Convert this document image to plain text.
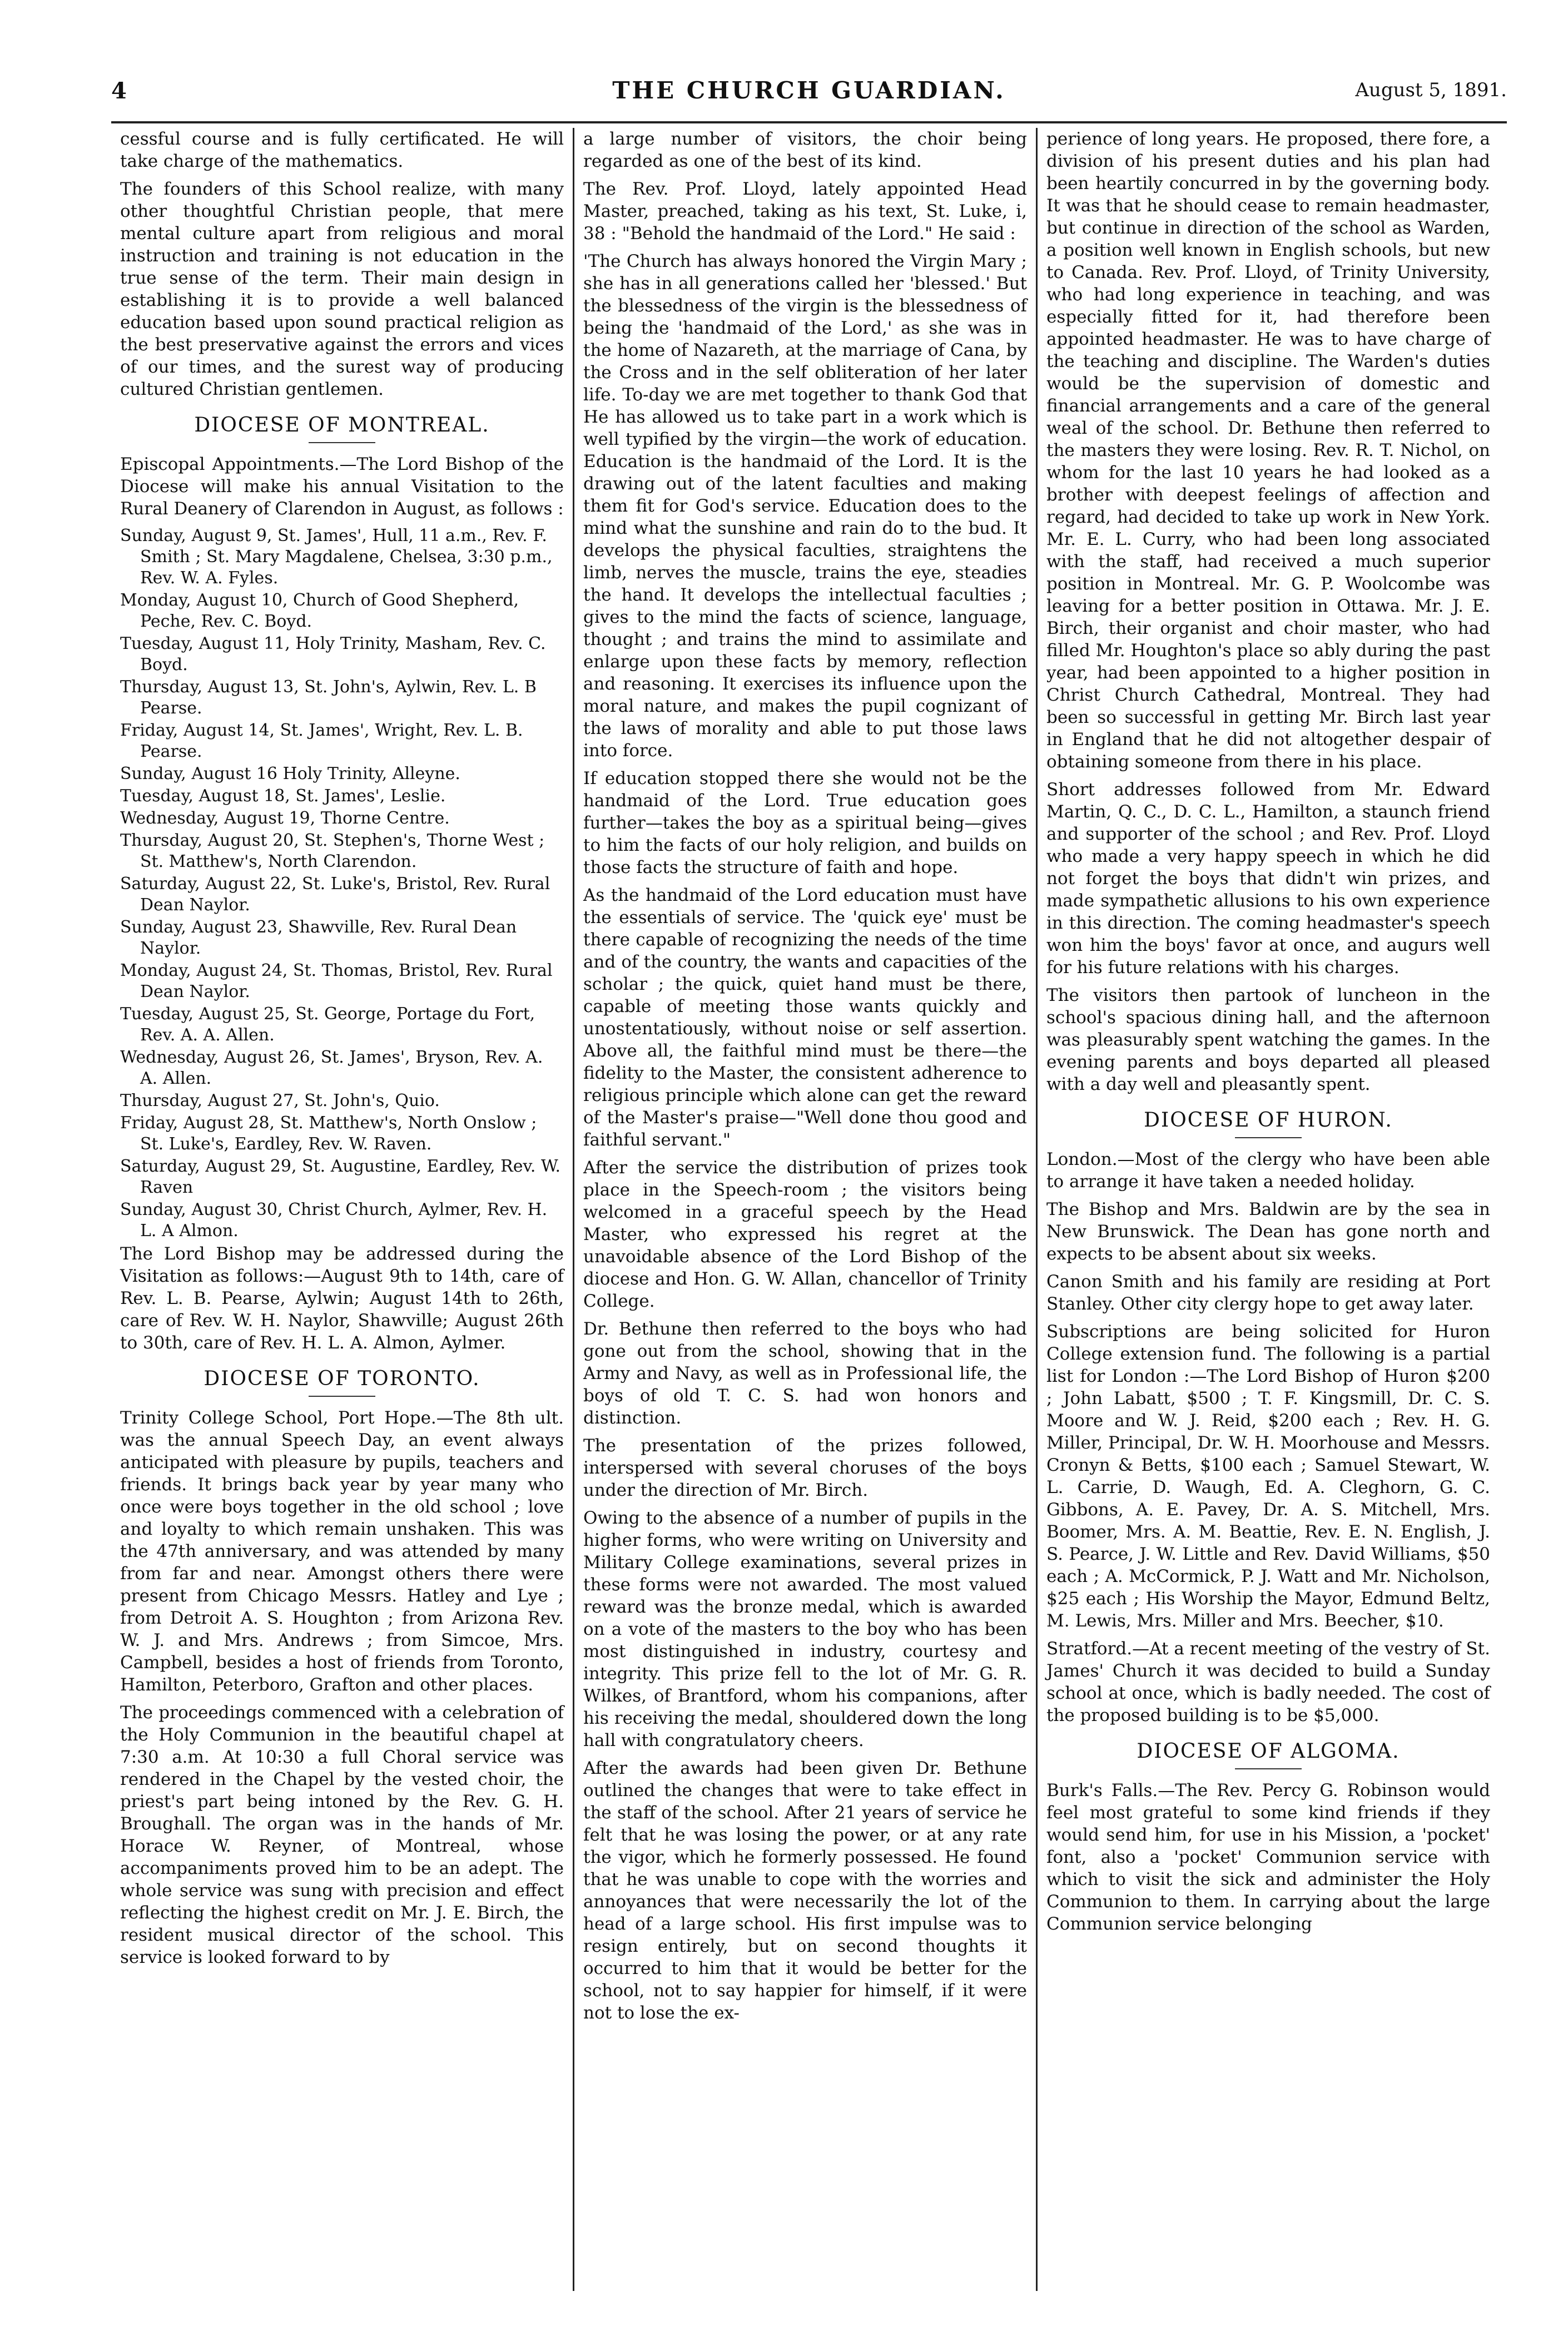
4	THE CHURCH GUARDIAN.	August 5, 1891.

cessful course and is fully certificated. He will take charge of the mathematics.

The founders of this School realize, with many other thoughtful Christian people, that mere mental culture apart from religious and moral instruction and training is not education in the true sense of the term. Their main design in establishing it is to provide a well balanced education based upon sound practical religion as the best preservative against the errors and vices of our times, and the surest way of producing cultured Christian gentlemen.

DIOCESE OF MONTREAL.

Episcopal Appointments.—The Lord Bishop of the Diocese will make his annual Visitation to the Rural Deanery of Clarendon in August, as follows :

Sunday, August 9, St. James', Hull, 11 a.m., Rev. F. Smith ; St. Mary Magdalene, Chelsea, 3:30 p.m., Rev. W. A. Fyles.
Monday, August 10, Church of Good Shepherd, Peche, Rev. C. Boyd.
Tuesday, August 11, Holy Trinity, Masham, Rev. C. Boyd.
Thursday, August 13, St. John's, Aylwin, Rev. L. B Pearse.
Friday, August 14, St. James', Wright, Rev. L. B. Pearse.
Sunday, August 16 Holy Trinity, Alleyne.
Tuesday, August 18, St. James', Leslie.
Wednesday, August 19, Thorne Centre.
Thursday, August 20, St. Stephen's, Thorne West ; St. Matthew's, North Clarendon.
Saturday, August 22, St. Luke's, Bristol, Rev. Rural Dean Naylor.
Sunday, August 23, Shawville, Rev. Rural Dean Naylor.
Monday, August 24, St. Thomas, Bristol, Rev. Rural Dean Naylor.
Tuesday, August 25, St. George, Portage du Fort, Rev. A. A. Allen.
Wednesday, August 26, St. James', Bryson, Rev. A. A. Allen.
Thursday, August 27, St. John's, Quio.
Friday, August 28, St. Matthew's, North Onslow ; St. Luke's, Eardley, Rev. W. Raven.
Saturday, August 29, St. Augustine, Eardley, Rev. W. Raven
Sunday, August 30, Christ Church, Aylmer, Rev. H. L. A Almon.

The Lord Bishop may be addressed during the Visitation as follows:—August 9th to 14th, care of Rev. L. B. Pearse, Aylwin; August 14th to 26th, care of Rev. W. H. Naylor, Shawville; August 26th to 30th, care of Rev. H. L. A. Almon, Aylmer.

DIOCESE OF TORONTO.

Trinity College School, Port Hope.—The 8th ult. was the annual Speech Day, an event always anticipated with pleasure by pupils, teachers and friends. It brings back year by year many who once were boys together in the old school ; love and loyalty to which remain unshaken. This was the 47th anniversary, and was attended by many from far and near. Amongst others there were present from Chicago Messrs. Hatley and Lye ; from Detroit A. S. Houghton ; from Arizona Rev. W. J. and Mrs. Andrews ; from Simcoe, Mrs. Campbell, besides a host of friends from Toronto, Hamilton, Peterboro, Grafton and other places.

The proceedings commenced with a celebration of the Holy Communion in the beautiful chapel at 7:30 a.m. At 10:30 a full Choral service was rendered in the Chapel by the vested choir, the priest's part being intoned by the Rev. G. H. Broughall. The organ was in the hands of Mr. Horace W. Reyner, of Montreal, whose accompaniments proved him to be an adept. The whole service was sung with precision and effect reflecting the highest credit on Mr. J. E. Birch, the resident musical director of the school. This service is looked forward to by

a large number of visitors, the choir being regarded as one of the best of its kind.

The Rev. Prof. Lloyd, lately appointed Head Master, preached, taking as his text, St. Luke, i, 38 : "Behold the handmaid of the Lord." He said :

'The Church has always honored the Virgin Mary ; she has in all generations called her 'blessed.' But the blessedness of the virgin is the blessedness of being the 'handmaid of the Lord,' as she was in the home of Nazareth, at the marriage of Cana, by the Cross and in the self obliteration of her later life. To-day we are met together to thank God that He has allowed us to take part in a work which is well typified by the virgin—the work of education. Education is the handmaid of the Lord. It is the drawing out of the latent faculties and making them fit for God's service. Education does to the mind what the sunshine and rain do to the bud. It develops the physical faculties, straightens the limb, nerves the muscle, trains the eye, steadies the hand. It develops the intellectual faculties ; gives to the mind the facts of science, language, thought ; and trains the mind to assimilate and enlarge upon these facts by memory, reflection and reasoning. It exercises its influence upon the moral nature, and makes the pupil cognizant of the laws of morality and able to put those laws into force.

If education stopped there she would not be the handmaid of the Lord. True education goes further—takes the boy as a spiritual being—gives to him the facts of our holy religion, and builds on those facts the structure of faith and hope.

As the handmaid of the Lord education must have the essentials of service. The 'quick eye' must be there capable of recognizing the needs of the time and of the country, the wants and capacities of the scholar ; the quick, quiet hand must be there, capable of meeting those wants quickly and unostentatiously, without noise or self assertion. Above all, the faithful mind must be there—the fidelity to the Master, the consistent adherence to religious principle which alone can get the reward of the Master's praise—"Well done thou good and faithful servant."

After the service the distribution of prizes took place in the Speech-room ; the visitors being welcomed in a graceful speech by the Head Master, who expressed his regret at the unavoidable absence of the Lord Bishop of the diocese and Hon. G. W. Allan, chancellor of Trinity College.

Dr. Bethune then referred to the boys who had gone out from the school, showing that in the Army and Navy, as well as in Professional life, the boys of old T. C. S. had won honors and distinction.

The presentation of the prizes followed, interspersed with several choruses of the boys under the direction of Mr. Birch.

Owing to the absence of a number of pupils in the higher forms, who were writing on University and Military College examinations, several prizes in these forms were not awarded. The most valued reward was the bronze medal, which is awarded on a vote of the masters to the boy who has been most distinguished in industry, courtesy and integrity. This prize fell to the lot of Mr. G. R. Wilkes, of Brantford, whom his companions, after his receiving the medal, shouldered down the long hall with congratulatory cheers.

After the awards had been given Dr. Bethune outlined the changes that were to take effect in the staff of the school. After 21 years of service he felt that he was losing the power, or at any rate the vigor, which he formerly possessed. He found that he was unable to cope with the worries and annoyances that were necessarily the lot of the head of a large school. His first impulse was to resign entirely, but on second thoughts it occurred to him that it would be better for the school, not to say happier for himself, if it were not to lose the ex-

perience of long years. He proposed, there fore, a division of his present duties and his plan had been heartily concurred in by the governing body. It was that he should cease to remain headmaster, but continue in direction of the school as Warden, a position well known in English schools, but new to Canada. Rev. Prof. Lloyd, of Trinity University, who had long experience in teaching, and was especially fitted for it, had therefore been appointed headmaster. He was to have charge of the teaching and discipline. The Warden's duties would be the supervision of domestic and financial arrangements and a care of the general weal of the school. Dr. Bethune then referred to the masters they were losing. Rev. R. T. Nichol, on whom for the last 10 years he had looked as a brother with deepest feelings of affection and regard, had decided to take up work in New York. Mr. E. L. Curry, who had been long associated with the staff, had received a much superior position in Montreal. Mr. G. P. Woolcombe was leaving for a better position in Ottawa. Mr. J. E. Birch, their organist and choir master, who had filled Mr. Houghton's place so ably during the past year, had been appointed to a higher position in Christ Church Cathedral, Montreal. They had been so successful in getting Mr. Birch last year in England that he did not altogether despair of obtaining someone from there in his place.

Short addresses followed from Mr. Edward Martin, Q. C., D. C. L., Hamilton, a staunch friend and supporter of the school ; and Rev. Prof. Lloyd who made a very happy speech in which he did not forget the boys that didn't win prizes, and made sympathetic allusions to his own experience in this direction. The coming headmaster's speech won him the boys' favor at once, and augurs well for his future relations with his charges.

The visitors then partook of luncheon in the school's spacious dining hall, and the afternoon was pleasurably spent watching the games. In the evening parents and boys departed all pleased with a day well and pleasantly spent.

DIOCESE OF HURON.

London.—Most of the clergy who have been able to arrange it have taken a needed holiday.

The Bishop and Mrs. Baldwin are by the sea in New Brunswick. The Dean has gone north and expects to be absent about six weeks.

Canon Smith and his family are residing at Port Stanley. Other city clergy hope to get away later.

Subscriptions are being solicited for Huron College extension fund. The following is a partial list for London :—The Lord Bishop of Huron $200 ; John Labatt, $500 ; T. F. Kingsmill, Dr. C. S. Moore and W. J. Reid, $200 each ; Rev. H. G. Miller, Principal, Dr. W. H. Moorhouse and Messrs. Cronyn & Betts, $100 each ; Samuel Stewart, W. L. Carrie, D. Waugh, Ed. A. Cleghorn, G. C. Gibbons, A. E. Pavey, Dr. A. S. Mitchell, Mrs. Boomer, Mrs. A. M. Beattie, Rev. E. N. English, J. S. Pearce, J. W. Little and Rev. David Williams, $50 each ; A. McCormick, P. J. Watt and Mr. Nicholson, $25 each ; His Worship the Mayor, Edmund Beltz, M. Lewis, Mrs. Miller and Mrs. Beecher, $10.

Stratford.—At a recent meeting of the vestry of St. James' Church it was decided to build a Sunday school at once, which is badly needed. The cost of the proposed building is to be $5,000.

DIOCESE OF ALGOMA.

Burk's Falls.—The Rev. Percy G. Robinson would feel most grateful to some kind friends if they would send him, for use in his Mission, a 'pocket' font, also a 'pocket' Communion service with which to visit the sick and administer the Holy Communion to them. In carrying about the large Communion service belonging
